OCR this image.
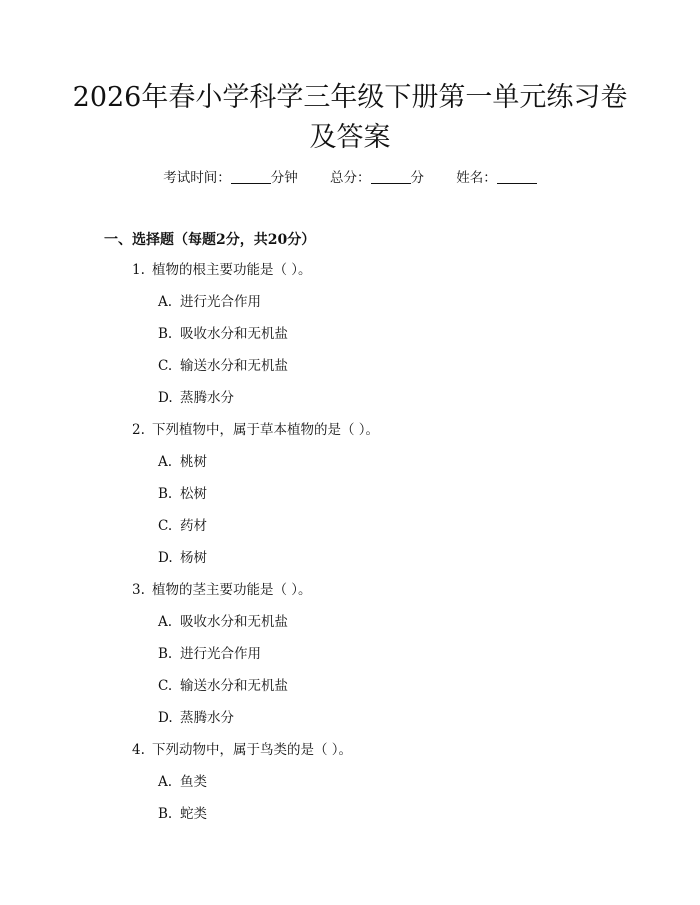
2026年春小学科学三年级下册第一单元练习卷及答案
考试时间：	分钟 总分：	分 姓名：
一、选择题（每题2分，共20分）
1. 植物的根主要功能是（ ）。
A. 进行光合作用
B. 吸收水分和无机盐
C. 输送水分和无机盐
D. 蒸腾水分
2. 下列植物中，属于草本植物的是（ ）。
A. 桃树
B. 松树
C. 药材
D. 杨树
3. 植物的茎主要功能是（ ）。
A. 吸收水分和无机盐
B. 进行光合作用
C. 输送水分和无机盐
D. 蒸腾水分
4. 下列动物中，属于鸟类的是（ ）。
A. 鱼类
B. 蛇类
